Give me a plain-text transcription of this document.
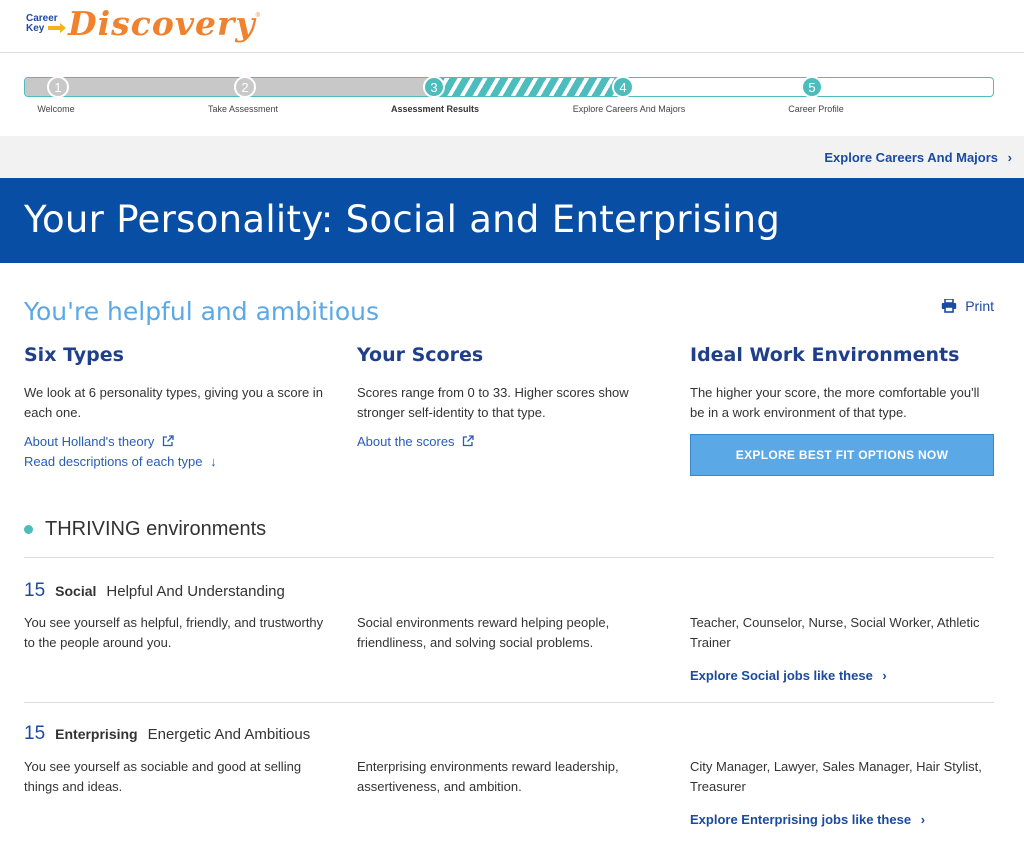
Career
Key Discovery ®
1	2	3	4	5
Welcome	Take Assessment	Assessment Results	Explore Careers And Majors	Career Profile
Explore Careers And Majors ›
Your Personality: Social and Enterprising
You're helpful and ambitious	Print
Six Types

We look at 6 personality types, giving you a score in each one.

About Holland's theory
Read descriptions of each type ↓
Your Scores

Scores range from 0 to 33. Higher scores show stronger self-identity to that type.

About the scores
Ideal Work Environments

The higher your score, the more comfortable you'll be in a work environment of that type.

EXPLORE BEST FIT OPTIONS NOW
THRIVING environments
15 Social Helpful And Understanding
You see yourself as helpful, friendly, and trustworthy to the people around you.
Social environments reward helping people, friendliness, and solving social problems.
Teacher, Counselor, Nurse, Social Worker, Athletic Trainer
Explore Social jobs like these ›
15 Enterprising Energetic And Ambitious
You see yourself as sociable and good at selling things and ideas.
Enterprising environments reward leadership, assertiveness, and ambition.
City Manager, Lawyer, Sales Manager, Hair Stylist, Treasurer
Explore Enterprising jobs like these ›
